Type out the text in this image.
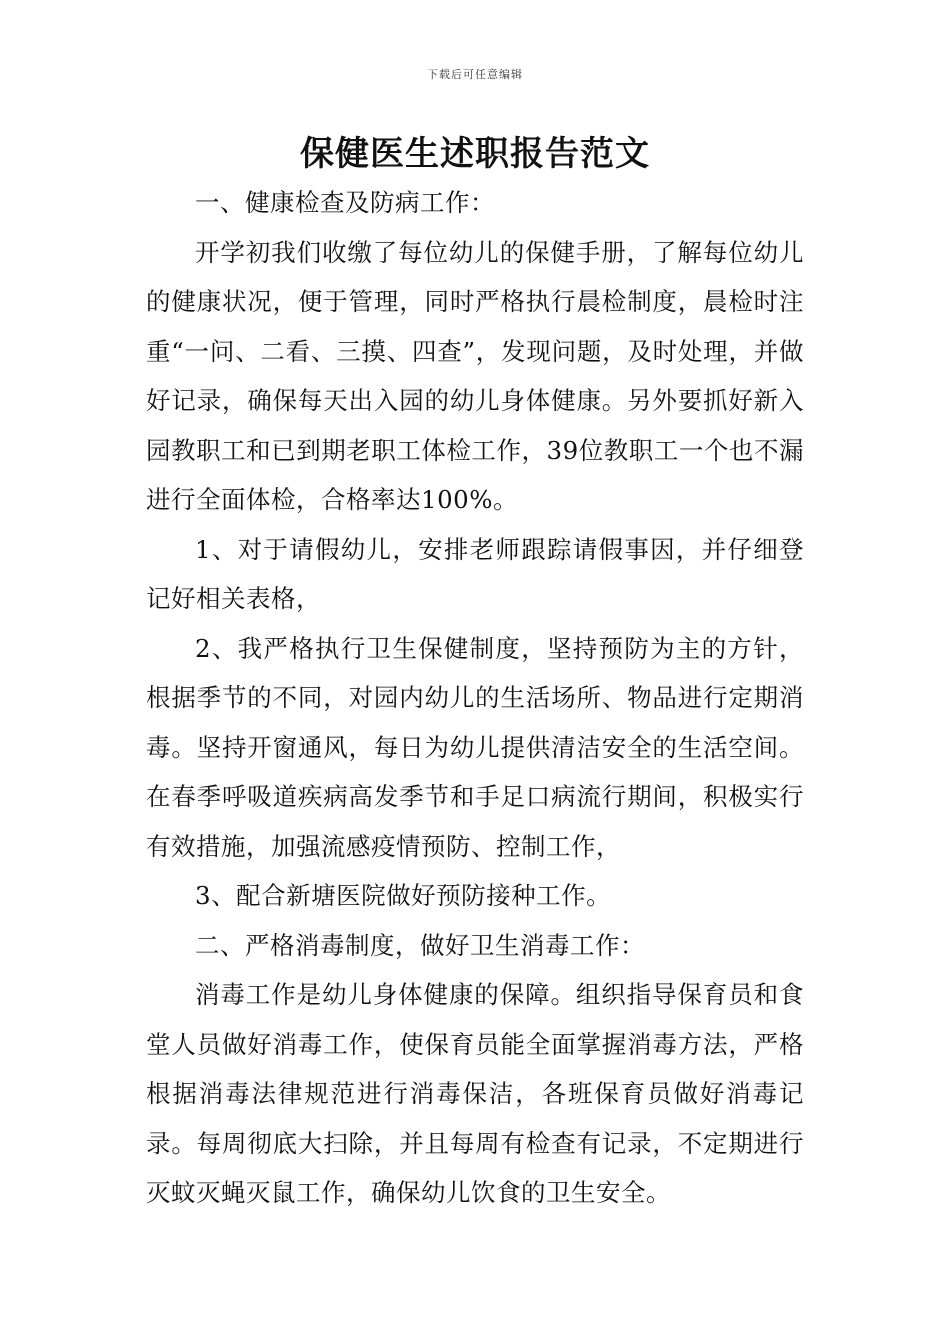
下载后可任意编辑
保健医生述职报告范文

一、健康检查及防病工作：

开学初我们收缴了每位幼儿的保健手册，了解每位幼儿的健康状况，便于管理，同时严格执行晨检制度，晨检时注重“一问、二看、三摸、四查”，发现问题，及时处理，并做好记录，确保每天出入园的幼儿身体健康。另外要抓好新入园教职工和已到期老职工体检工作，39位教职工一个也不漏进行全面体检，合格率达100%。

1、对于请假幼儿，安排老师跟踪请假事因，并仔细登记好相关表格，

2、我严格执行卫生保健制度，坚持预防为主的方针，根据季节的不同，对园内幼儿的生活场所、物品进行定期消毒。坚持开窗通风，每日为幼儿提供清洁安全的生活空间。在春季呼吸道疾病高发季节和手足口病流行期间，积极实行有效措施，加强流感疫情预防、控制工作，

3、配合新塘医院做好预防接种工作。

二、严格消毒制度，做好卫生消毒工作：

消毒工作是幼儿身体健康的保障。组织指导保育员和食堂人员做好消毒工作，使保育员能全面掌握消毒方法，严格根据消毒法律规范进行消毒保洁，各班保育员做好消毒记录。每周彻底大扫除，并且每周有检查有记录，不定期进行灭蚊灭蝇灭鼠工作，确保幼儿饮食的卫生安全。
